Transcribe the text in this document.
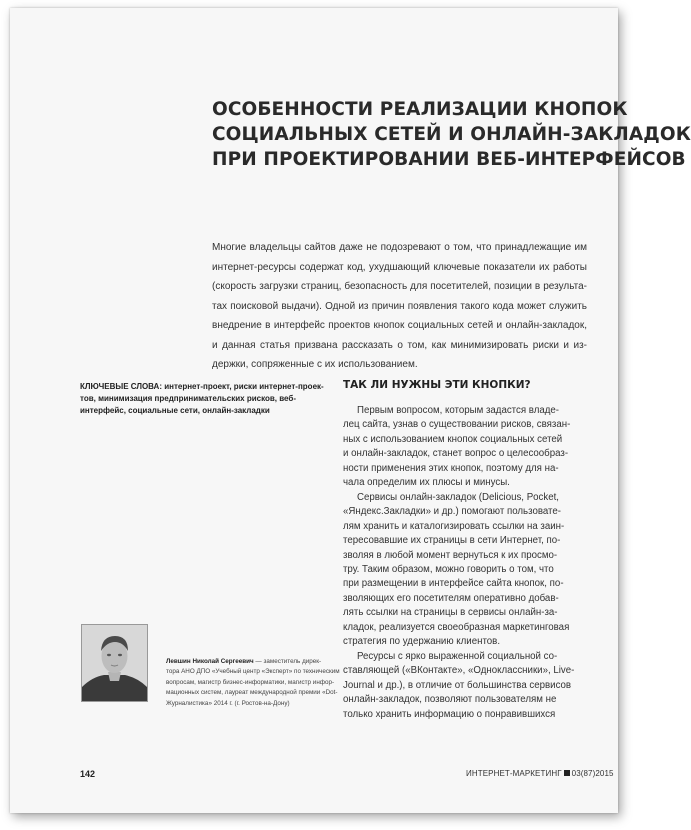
ОСОБЕННОСТИ РЕАЛИЗАЦИИ КНОПОК
СОЦИАЛЬНЫХ СЕТЕЙ И ОНЛАЙН-ЗАКЛАДОК
ПРИ ПРОЕКТИРОВАНИИ ВЕБ-ИНТЕРФЕЙСОВ
Многие владельцы сайтов даже не подозревают о том, что принадлежащие им
интернет-ресурсы содержат код, ухудшающий ключевые показатели их работы
(скорость загрузки страниц, безопасность для посетителей, позиции в результа-
тах поисковой выдачи). Одной из причин появления такого кода может служить
внедрение в интерфейс проектов кнопок социальных сетей и онлайн-закладок,
и данная статья призвана рассказать о том, как минимизировать риски и из-
держки, сопряженные с их использованием.
КЛЮЧЕВЫЕ СЛОВА: интернет-проект, риски интернет-проек-
тов, минимизация предпринимательских рисков, веб-
интерфейс, социальные сети, онлайн-закладки
ТАК ЛИ НУЖНЫ ЭТИ КНОПКИ?
Первым вопросом, которым задастся владе-
лец сайта, узнав о существовании рисков, связан-
ных с использованием кнопок социальных сетей
и онлайн-закладок, станет вопрос о целесообраз-
ности применения этих кнопок, поэтому для на-
чала определим их плюсы и минусы.
Сервисы онлайн-закладок (Delicious, Pocket,
«Яндекс.Закладки» и др.) помогают пользовате-
лям хранить и каталогизировать ссылки на заин-
тересовавшие их страницы в сети Интернет, по-
зволяя в любой момент вернуться к их просмо-
тру. Таким образом, можно говорить о том, что
при размещении в интерфейсе сайта кнопок, по-
зволяющих его посетителям оперативно добав-
лять ссылки на страницы в сервисы онлайн-за-
кладок, реализуется своеобразная маркетинговая
стратегия по удержанию клиентов.
Ресурсы с ярко выраженной социальной со-
ставляющей («ВКонтакте», «Одноклассники», Live-
Journal и др.), в отличие от большинства сервисов
онлайн-закладок, позволяют пользователям не
только хранить информацию о понравившихся
Левшин Николай Сергеевич — заместитель дирек-
тора АНО ДПО «Учебный центр «Эксперт» по техническим
вопросам, магистр бизнес-информатики, магистр инфор-
мационных систем, лауреат международной премии «Dot-
Журналистика» 2014 г. (г. Ростов-на-Дону)
142	ИНТЕРНЕТ-МАРКЕТИНГ 03(87)2015
